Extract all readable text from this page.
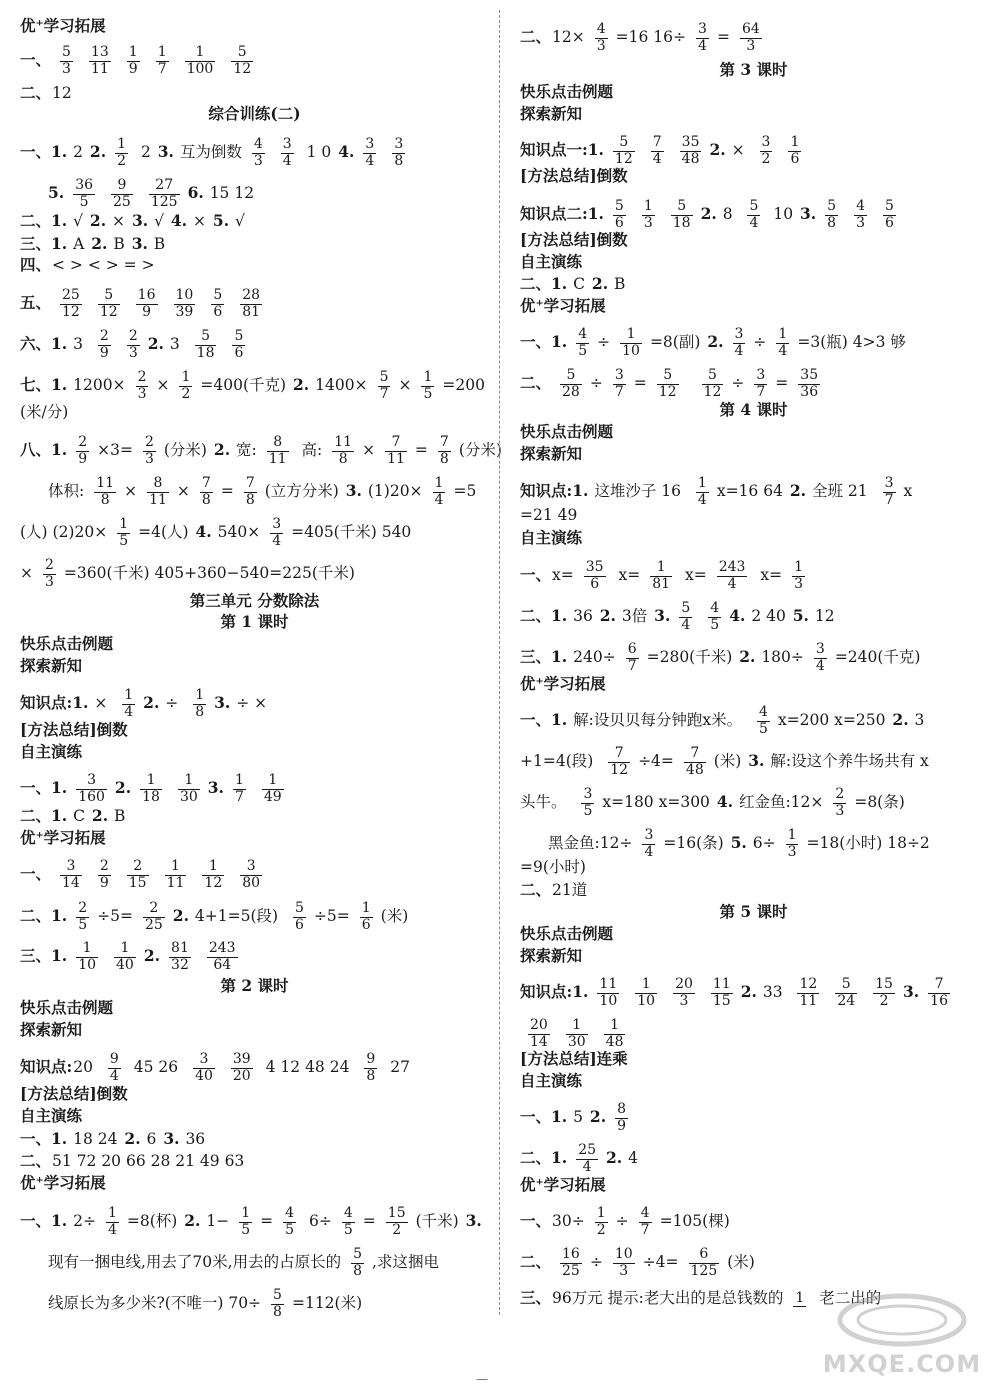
优⁺学习拓展
一、 $\frac{5}{3} \frac{13}{11} \frac{1}{9} \frac{1}{7} \frac{1}{100} \frac{5}{12}$
二、12
综合训练(二)
一、1. 2 2. $\frac{1}{2} 2$ 3. 互为倒数 $\frac{4}{3} \frac{3}{4} 1$ 0 4. $\frac{3}{4} \frac{3}{8}$
5. $\frac{36}{5} \frac{9}{25} \frac{27}{125} 6$. 15 12
二、1. √ 2. × 3. √ 4. × 5. √
三、1. A 2. B 3. B
四、< > < > = >
五、 $\frac{25}{12} \frac{5}{12} \frac{16}{9} \frac{10}{39} \frac{5}{6} \frac{28}{81}$
六、1. $3 \frac{2}{9} \frac{2}{3} 2$. $3 \frac{5}{18} \frac{5}{6}$
七、1. $1200\times \frac{2}{3} \times \frac{1}{2} =400$(千克) 2. $1400\times \frac{5}{7} \times \frac{1}{5} =200$
(米/分)
八、1. $\frac{2}{9} \times 3= \frac{2}{3}$ (分米) 2. 宽: $\frac{8}{11}$ 高: $\frac{11}{8} \times \frac{7}{11} = \frac{7}{8}$ (分米)
体积: $\frac{11}{8} \times \frac{8}{11} \times \frac{7}{8} = \frac{7}{8}$ (立方分米) 3. $(1)20\times \frac{1}{4} =5$
(人) $(2)20\times \frac{1}{5} =4$(人) 4. $540\times \frac{3}{4} =405$(千米) 540
× $\frac{2}{3} =360$(千米) 405+360−540=225(千米)
第三单元 分数除法
第 1 课时
快乐点击例题
探索新知
知识点:1. × $\frac{1}{4} 2$. ÷ $\frac{1}{8} 3$. ÷ ×
[方法总结]倒数
自主演练
一、1. $\frac{3}{160} 2$. $\frac{1}{18} \frac{1}{30} 3$. $\frac{1}{7} \frac{1}{49}$
二、1. C 2. B
优⁺学习拓展
一、 $\frac{3}{14} \frac{2}{9} \frac{2}{15} \frac{1}{11} \frac{1}{12} \frac{3}{80}$
二、1. $\frac{2}{5} \div 5= \frac{2}{25} 2$. 4+1=5(段) $\frac{5}{6} \div 5= \frac{1}{6}$ (米)
三、1. $\frac{1}{10} \frac{1}{40} 2$. $\frac{81}{32} \frac{243}{64}$
第 2 课时
快乐点击例题
探索新知
知识点:20 $\frac{9}{4} 45$ $26 \frac{3}{40} \frac{39}{20} 4$ 12 48 $24 \frac{9}{8} 27$
[方法总结]倒数
自主演练
一、1. 18 24 2. 6 3. 36
二、51 72 20 66 28 21 49 63
优⁺学习拓展
一、1. $2\div \frac{1}{4} =8$(杯) 2. $1- \frac{1}{5} = \frac{4}{5} 6\div \frac{4}{5} = \frac{15}{2}$ (千米) 3.
现有一捆电线,用去了70米,用去的占原长的 $\frac{5}{8}$ ,求这捆电
线原长为多少米?(不唯一) $70\div \frac{5}{8} =112$(米)
二、$12\times \frac{4}{3} =16$ $16\div \frac{3}{4} = \frac{64}{3}$
第 3 课时
快乐点击例题
探索新知
知识点一:1. $\frac{5}{12} \frac{7}{4} \frac{35}{48} 2$. × $\frac{3}{2} \frac{1}{6}$
[方法总结]倒数
知识点二:1. $\frac{5}{6} \frac{1}{3} \frac{5}{18} 2$. $8 \frac{5}{4} 10$ 3. $\frac{5}{8} \frac{4}{3} \frac{5}{6}$
[方法总结]倒数
自主演练
二、1. C 2. B
优⁺学习拓展
一、1. $\frac{4}{5} \div \frac{1}{10} =8$(副) 2. $\frac{3}{4} \div \frac{1}{4} =3$(瓶) 4>3 够
二、 $\frac{5}{28} \div \frac{3}{7} = \frac{5}{12}$
$\frac{5}{12} \div \frac{3}{7} = \frac{35}{36}$
第 4 课时
快乐点击例题
探索新知
知识点:1. 这堆沙子 $16 \frac{1}{4} x=16$ 64 2. 全班 $21 \frac{3}{7}$ x
=21 49
自主演练
一、$x= \frac{35}{6} x= \frac{1}{81} x= \frac{243}{4} x= \frac{1}{3}$
二、1. 36 2. 3倍 3. $\frac{5}{4} \frac{4}{5} 4$. 2 40 5. 12
三、1. $240\div \frac{6}{7} =280$(千米) 2. $180\div \frac{3}{4} =240$(千克)
优⁺学习拓展
一、1. 解:设贝贝每分钟跑x米。 $\frac{4}{5} x=200$ x=250 2. 3
+1=4(段) $\frac{7}{12} \div 4= \frac{7}{48}$ (米) 3. 解:设这个养牛场共有 x
头牛。 $\frac{3}{5} x=180$ x=300 4. 红金鱼:12× $\frac{2}{3} =8$(条)
黑金鱼:12÷ $\frac{3}{4} =16$(条) 5. $6\div \frac{1}{3} =18$(小时) 18÷2
=9(小时)
二、21道
第 5 课时
快乐点击例题
探索新知
知识点:1. $\frac{11}{10} \frac{1}{10} \frac{20}{3} \frac{11}{15} 2$. $33 \frac{12}{11} \frac{5}{24} \frac{15}{2} 3$. $\frac{7}{16}$
$\frac{20}{14} \frac{1}{30} \frac{1}{48}$
[方法总结]连乘
自主演练
一、1. 5 2. $\frac{8}{9}$
二、1. $\frac{25}{4} 2$. 4
优⁺学习拓展
一、$30\div \frac{1}{2} \div \frac{4}{7} =105$(棵)
二、 $\frac{16}{25} \div \frac{10}{3} \div 4= \frac{6}{125}$ (米)
三、96万元 提示:老大出的是总钱数的 1 老二出的
—
MXQE.COM
